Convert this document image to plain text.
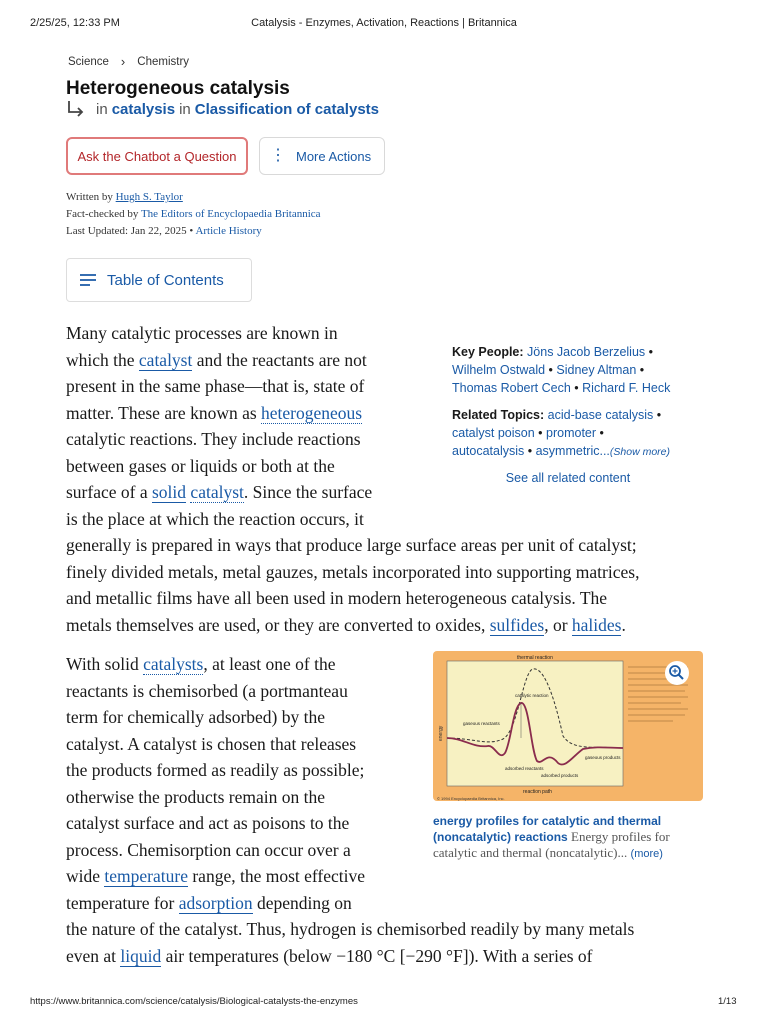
2/25/25, 12:33 PM	Catalysis - Enzymes, Activation, Reactions | Britannica
Science › Chemistry
Heterogeneous catalysis
in catalysis in Classification of catalysts
Ask the Chatbot a Question	⋮ More Actions
Written by Hugh S. Taylor
Fact-checked by The Editors of Encyclopaedia Britannica
Last Updated: Jan 22, 2025 • Article History
Table of Contents
Many catalytic processes are known in
which the catalyst and the reactants are not
present in the same phase—that is, state of
matter. These are known as heterogeneous
catalytic reactions. They include reactions
between gases or liquids or both at the
surface of a solid catalyst. Since the surface
is the place at which the reaction occurs, it
generally is prepared in ways that produce large surface areas per unit of catalyst;
finely divided metals, metal gauzes, metals incorporated into supporting matrices,
and metallic films have all been used in modern heterogeneous catalysis. The
metals themselves are used, or they are converted to oxides, sulfides, or halides.
Key People: Jöns Jacob Berzelius •
Wilhelm Ostwald • Sidney Altman •
Thomas Robert Cech • Richard F. Heck
Related Topics: acid-base catalysis •
catalyst poison • promoter •
autocatalysis • asymmetric...(Show more)
See all related content
With solid catalysts, at least one of the
reactants is chemisorbed (a portmanteau
term for chemically adsorbed) by the
catalyst. A catalyst is chosen that releases
the products formed as readily as possible;
otherwise the products remain on the
catalyst surface and act as poisons to the
process. Chemisorption can occur over a
wide temperature range, the most effective
temperature for adsorption depending on
the nature of the catalyst. Thus, hydrogen is chemisorbed readily by many metals
even at liquid air temperatures (below −180 °C [−290 °F]). With a series of
energy
thermal reaction
catalytic reaction
gaseous reactants
adsorbed reactants
adsorbed products
gaseous products
reaction path
© 1994 Encyclopaedia Britannica, Inc.
energy profiles for catalytic and thermal (noncatalytic) reactions Energy profiles for catalytic and thermal (noncatalytic)... (more)
https://www.britannica.com/science/catalysis/Biological-catalysts-the-enzymes	1/13
